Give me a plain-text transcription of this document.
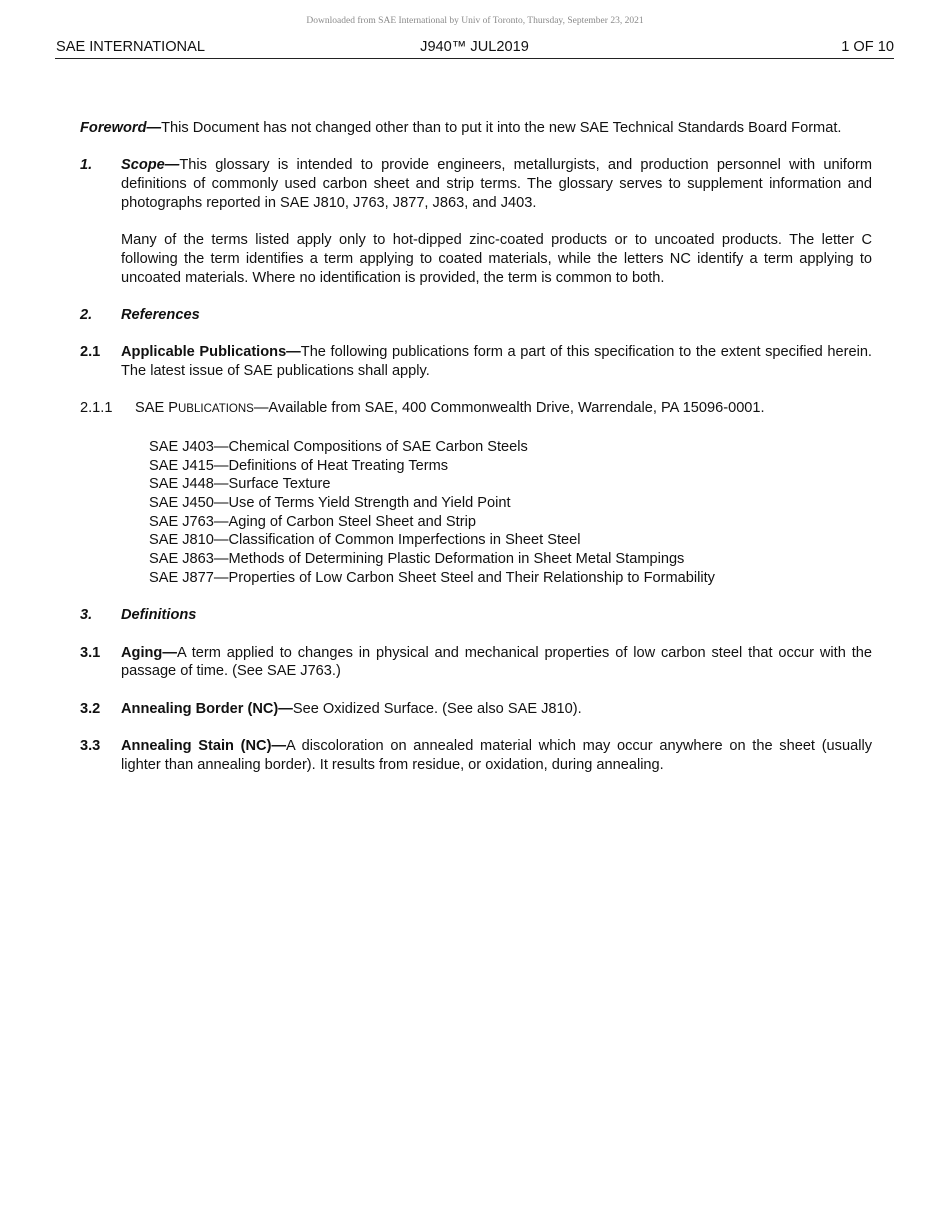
Downloaded from SAE International by Univ of Toronto, Thursday, September 23, 2021
SAE INTERNATIONAL	J940™ JUL2019	1 OF 10

Foreword—This Document has not changed other than to put it into the new SAE Technical Standards Board Format.

1. Scope—This glossary is intended to provide engineers, metallurgists, and production personnel with uniform definitions of commonly used carbon sheet and strip terms. The glossary serves to supplement information and photographs reported in SAE J810, J763, J877, J863, and J403.
Many of the terms listed apply only to hot-dipped zinc-coated products or to uncoated products. The letter C following the term identifies a term applying to coated materials, while the letters NC identify a term applying to uncoated materials. Where no identification is provided, the term is common to both.
2. References
2.1 Applicable Publications—The following publications form a part of this specification to the extent specified herein. The latest issue of SAE publications shall apply.
2.1.1 SAE PUBLICATIONS—Available from SAE, 400 Commonwealth Drive, Warrendale, PA 15096-0001.
SAE J403—Chemical Compositions of SAE Carbon Steels
SAE J415—Definitions of Heat Treating Terms
SAE J448—Surface Texture
SAE J450—Use of Terms Yield Strength and Yield Point
SAE J763—Aging of Carbon Steel Sheet and Strip
SAE J810—Classification of Common Imperfections in Sheet Steel
SAE J863—Methods of Determining Plastic Deformation in Sheet Metal Stampings
SAE J877—Properties of Low Carbon Sheet Steel and Their Relationship to Formability
3. Definitions
3.1 Aging—A term applied to changes in physical and mechanical properties of low carbon steel that occur with the passage of time. (See SAE J763.)
3.2 Annealing Border (NC)—See Oxidized Surface. (See also SAE J810).
3.3 Annealing Stain (NC)—A discoloration on annealed material which may occur anywhere on the sheet (usually lighter than annealing border). It results from residue, or oxidation, during annealing.
